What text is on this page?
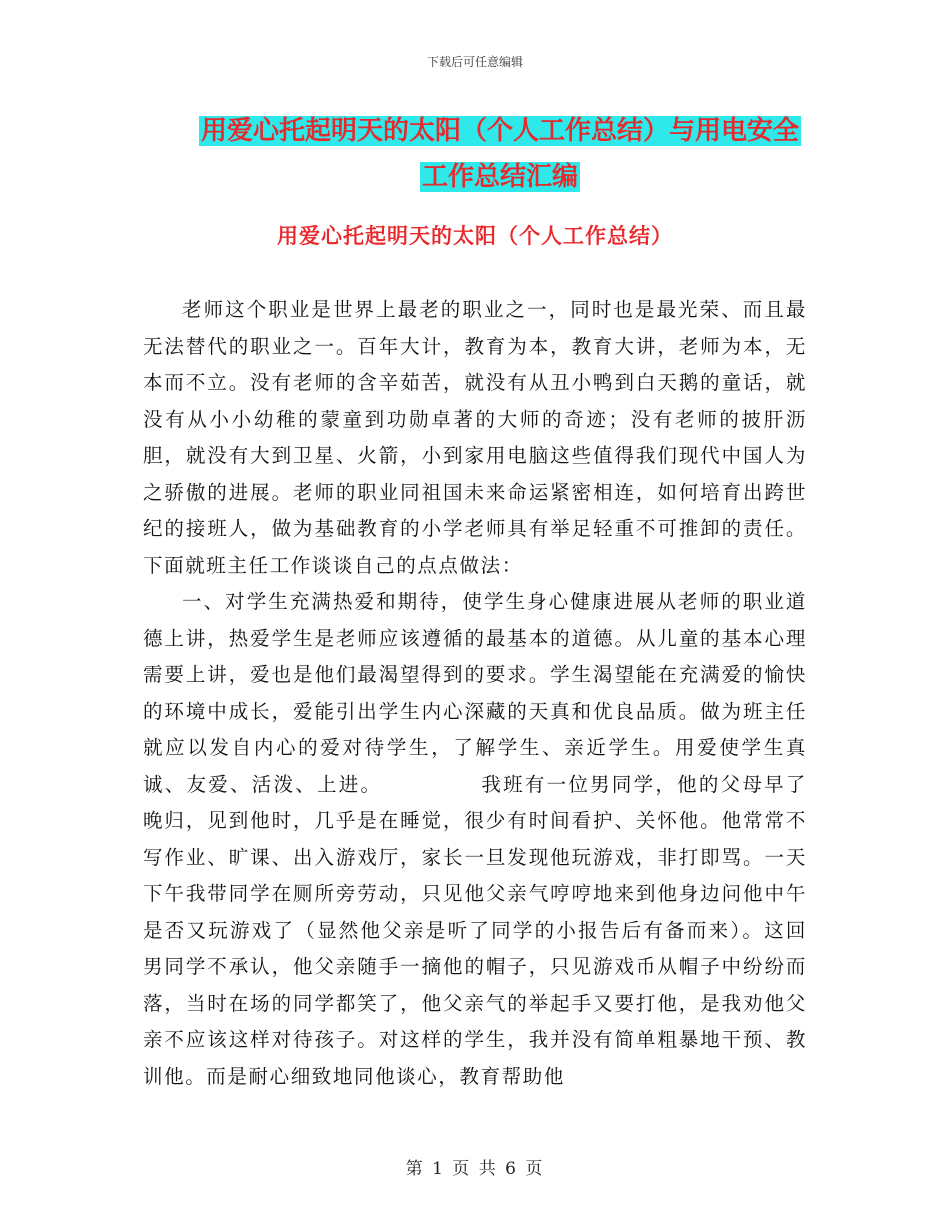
下载后可任意编辑
用爱心托起明天的太阳（个人工作总结）与用电安全
工作总结汇编
用爱心托起明天的太阳（个人工作总结）

老师这个职业是世界上最老的职业之一，同时也是最光荣、而且最无法替代的职业之一。百年大计，教育为本，教育大讲，老师为本，无本而不立。没有老师的含辛茹苦，就没有从丑小鸭到白天鹅的童话，就没有从小小幼稚的蒙童到功勋卓著的大师的奇迹；没有老师的披肝沥胆，就没有大到卫星、火箭，小到家用电脑这些值得我们现代中国人为之骄傲的进展。老师的职业同祖国未来命运紧密相连，如何培育出跨世纪的接班人，做为基础教育的小学老师具有举足轻重不可推卸的责任。下面就班主任工作谈谈自己的点点做法：

一、对学生充满热爱和期待，使学生身心健康进展从老师的职业道德上讲，热爱学生是老师应该遵循的最基本的道德。从儿童的基本心理需要上讲，爱也是他们最渴望得到的要求。学生渴望能在充满爱的愉快的环境中成长，爱能引出学生内心深藏的天真和优良品质。做为班主任就应以发自内心的爱对待学生，了解学生、亲近学生。用爱使学生真诚、友爱、活泼、上进。　　　　　我班有一位男同学，他的父母早了晚归，见到他时，几乎是在睡觉，很少有时间看护、关怀他。他常常不写作业、旷课、出入游戏厅，家长一旦发现他玩游戏，非打即骂。一天下午我带同学在厕所旁劳动，只见他父亲气哼哼地来到他身边问他中午是否又玩游戏了（显然他父亲是听了同学的小报告后有备而来）。这回男同学不承认，他父亲随手一摘他的帽子，只见游戏币从帽子中纷纷而落，当时在场的同学都笑了，他父亲气的举起手又要打他，是我劝他父亲不应该这样对待孩子。对这样的学生，我并没有简单粗暴地干预、教训他。而是耐心细致地同他谈心，教育帮助他

第 1 页 共 6 页
